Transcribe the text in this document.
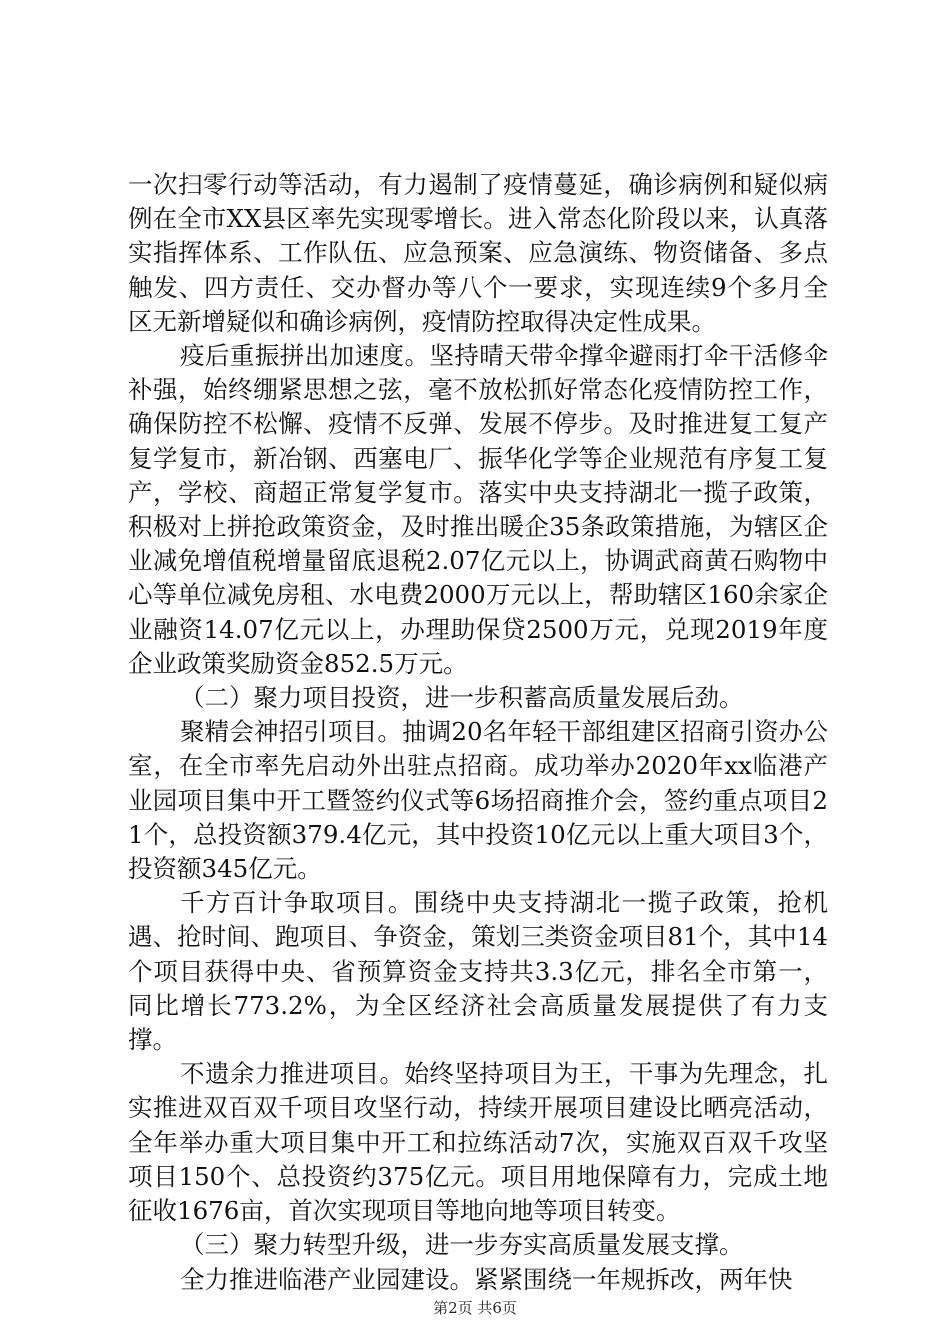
一次扫零行动等活动，有力遏制了疫情蔓延，确诊病例和疑似病例在全市XX县区率先实现零增长。进入常态化阶段以来，认真落实指挥体系、工作队伍、应急预案、应急演练、物资储备、多点触发、四方责任、交办督办等八个一要求，实现连续9个多月全区无新增疑似和确诊病例，疫情防控取得决定性成果。

疫后重振拼出加速度。坚持晴天带伞撑伞避雨打伞干活修伞补强，始终绷紧思想之弦，毫不放松抓好常态化疫情防控工作，确保防控不松懈、疫情不反弹、发展不停步。及时推进复工复产复学复市，新冶钢、西塞电厂、振华化学等企业规范有序复工复产，学校、商超正常复学复市。落实中央支持湖北一揽子政策，积极对上拼抢政策资金，及时推出暖企35条政策措施，为辖区企业减免增值税增量留底退税2.07亿元以上，协调武商黄石购物中心等单位减免房租、水电费2000万元以上，帮助辖区160余家企业融资14.07亿元以上，办理助保贷2500万元，兑现2019年度企业政策奖励资金852.5万元。

（二）聚力项目投资，进一步积蓄高质量发展后劲。

聚精会神招引项目。抽调20名年轻干部组建区招商引资办公室，在全市率先启动外出驻点招商。成功举办2020年xx临港产业园项目集中开工暨签约仪式等6场招商推介会，签约重点项目21个，总投资额379.4亿元，其中投资10亿元以上重大项目3个，投资额345亿元。

千方百计争取项目。围绕中央支持湖北一揽子政策，抢机遇、抢时间、跑项目、争资金，策划三类资金项目81个，其中14个项目获得中央、省预算资金支持共3.3亿元，排名全市第一，同比增长773.2%，为全区经济社会高质量发展提供了有力支撑。

不遗余力推进项目。始终坚持项目为王，干事为先理念，扎实推进双百双千项目攻坚行动，持续开展项目建设比晒亮活动，全年举办重大项目集中开工和拉练活动7次，实施双百双千攻坚项目150个、总投资约375亿元。项目用地保障有力，完成土地征收1676亩，首次实现项目等地向地等项目转变。

（三）聚力转型升级，进一步夯实高质量发展支撑。

全力推进临港产业园建设。紧紧围绕一年规拆改，两年快

第2页 共6页
